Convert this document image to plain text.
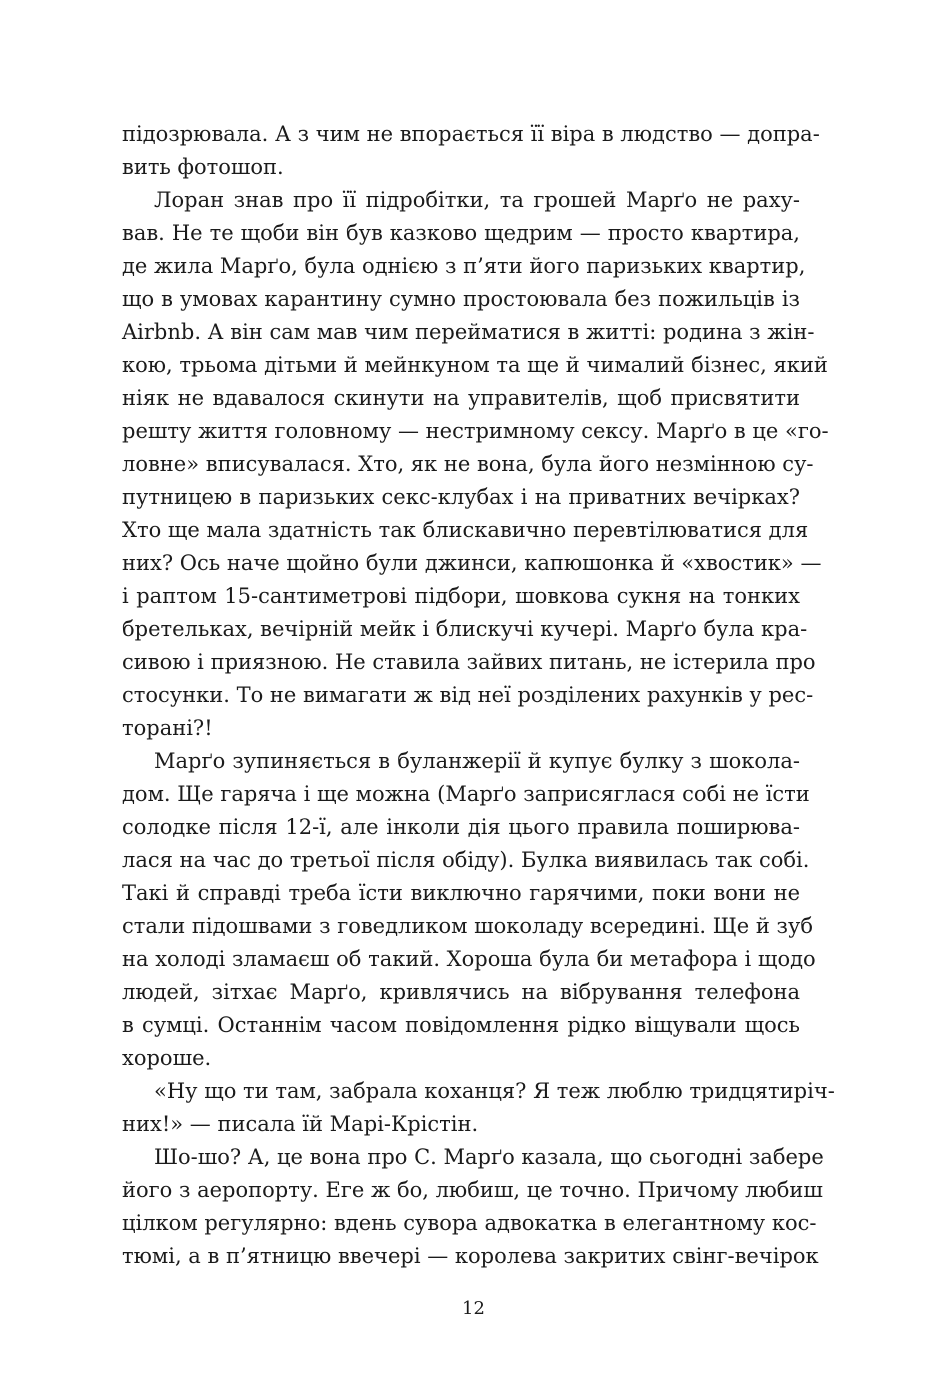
підозрювала. А з чим не впорається її віра в людство — допра-
вить фотошоп.
Лоран знав про її підробітки, та грошей Марґо не раху-
вав. Не те щоби він був казково щедрим — просто квартира,
де жила Марґо, була однією з п’яти його паризьких квартир,
що в умовах карантину сумно простоювала без пожильців із
Airbnb. А він сам мав чим перейматися в житті: родина з жін-
кою, трьома дітьми й мейнкуном та ще й чималий бізнес, який
ніяк не вдавалося скинути на управителів, щоб присвятити
решту життя головному — нестримному сексу. Марґо в це «го-
ловне» вписувалася. Хто, як не вона, була його незмінною су-
путницею в паризьких секс-клубах і на приватних вечірках?
Хто ще мала здатність так блискавично перевтілюватися для
них? Ось наче щойно були джинси, капюшонка й «хвостик» —
і раптом 15-сантиметрові підбори, шовкова сукня на тонких
бретельках, вечірній мейк і блискучі кучері. Марґо була кра-
сивою і приязною. Не ставила зайвих питань, не істерила про
стосунки. То не вимагати ж від неї розділених рахунків у рес-
торані?!
Марґо зупиняється в буланжерії й купує булку з шокола-
дом. Ще гаряча і ще можна (Марґо заприсяглася собі не їсти
солодке після 12-ї, але інколи дія цього правила поширюва-
лася на час до третьої після обіду). Булка виявилась так собі.
Такі й справді треба їсти виключно гарячими, поки вони не
стали підошвами з говедликом шоколаду всередині. Ще й зуб
на холоді зламаєш об такий. Хороша була би метафора і щодо
людей, зітхає Марґо, кривлячись на вібрування телефона
в сумці. Останнім часом повідомлення рідко віщували щось
хороше.
«Ну що ти там, забрала коханця? Я теж люблю тридцятиріч-
них!» — писала їй Марі-Крістін.
Шо-шо? А, це вона про С. Марґо казала, що сьогодні забере
його з аеропорту. Еге ж бо, любиш, це точно. Причому любиш
цілком регулярно: вдень сувора адвокатка в елегантному кос-
тюмі, а в п’ятницю ввечері — королева закритих свінг-вечірок
12
